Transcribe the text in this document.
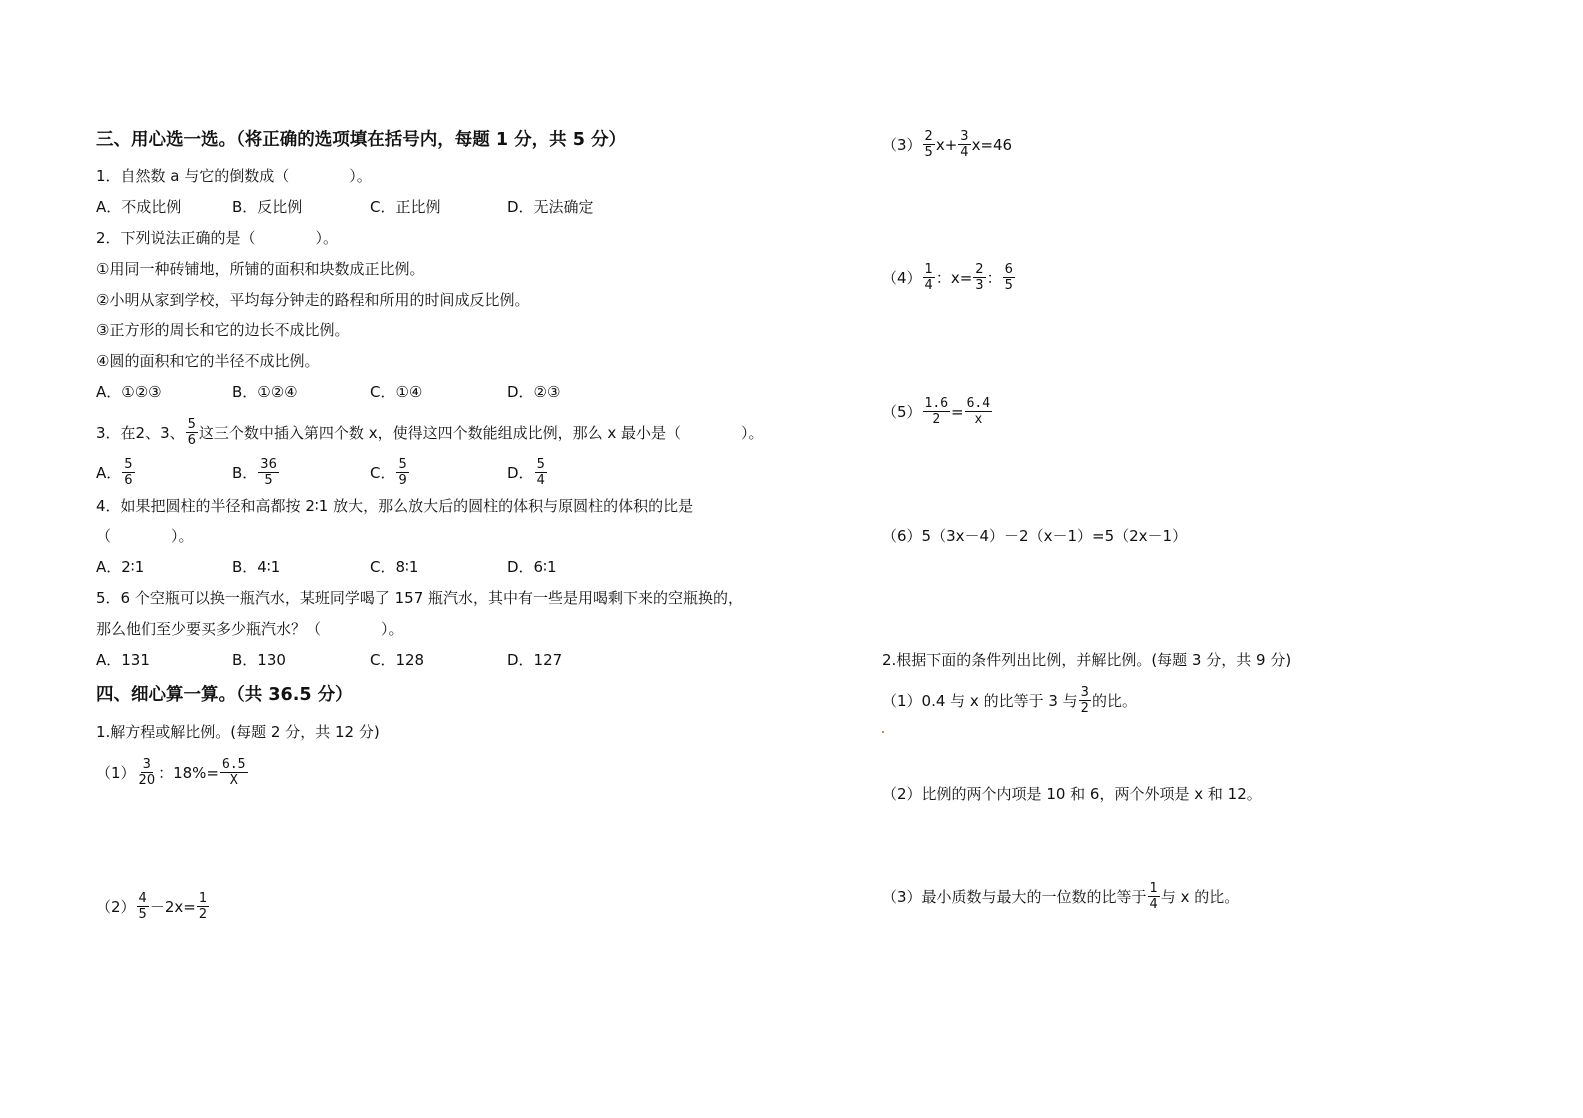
三、用心选一选。（将正确的选项填在括号内，每题 1 分，共 5 分）
1．自然数 a 与它的倒数成（　　　　）。
A．不成比例	B．反比例	C．正比例	D．无法确定
2．下列说法正确的是（　　　　）。
①用同一种砖铺地，所铺的面积和块数成正比例。
②小明从家到学校，平均每分钟走的路程和所用的时间成反比例。
③正方形的周长和它的边长不成比例。
④圆的面积和它的半径不成比例。
A．①②③	B．①②④	C．①④	D．②③
3．在2、3、 $\frac{5}{6}$ 这三个数中插入第四个数 x，使得这四个数能组成比例，那么 x 最小是（　　　　）。
A． $\frac{5}{6}$	B． $\frac{36}{5}$	C． $\frac{5}{9}$	D． $\frac{5}{4}$
4．如果把圆柱的半径和高都按 2∶1 放大，那么放大后的圆柱的体积与原圆柱的体积的比是
（　　　　）。
A．2∶1	B．4∶1	C．8∶1	D．6∶1
5．6 个空瓶可以换一瓶汽水，某班同学喝了 157 瓶汽水，其中有一些是用喝剩下来的空瓶换的，
那么他们至少要买多少瓶汽水？（　　　　）。
A．131	B．130	C．128	D．127
四、细心算一算。（共 36.5 分）
1.解方程或解比例。(每题 2 分，共 12 分)
$(1) \frac{3}{20}$ ：$18\%= \frac{6.5}{X}$
$(2) \frac{4}{5} -2x= \frac{1}{2}$
$(3) \frac{2}{5} x+ \frac{3}{4} x=46$
$(4) \frac{1}{4}$ ：$x= \frac{2}{3}$ ： $\frac{6}{5}$
$(5) \frac{1.6}{2} = \frac{6.4}{x}$
（6）5（3x－4）－2（x－1）=5（2x－1）
2.根据下面的条件列出比例，并解比例。(每题 3 分，共 9 分)
（1）0.4 与 x 的比等于 3 与 $\frac{3}{2}$ 的比。
（2）比例的两个内项是 10 和 6，两个外项是 x 和 12。
（3）最小质数与最大的一位数的比等于 $\frac{1}{4}$ 与 x 的比。
